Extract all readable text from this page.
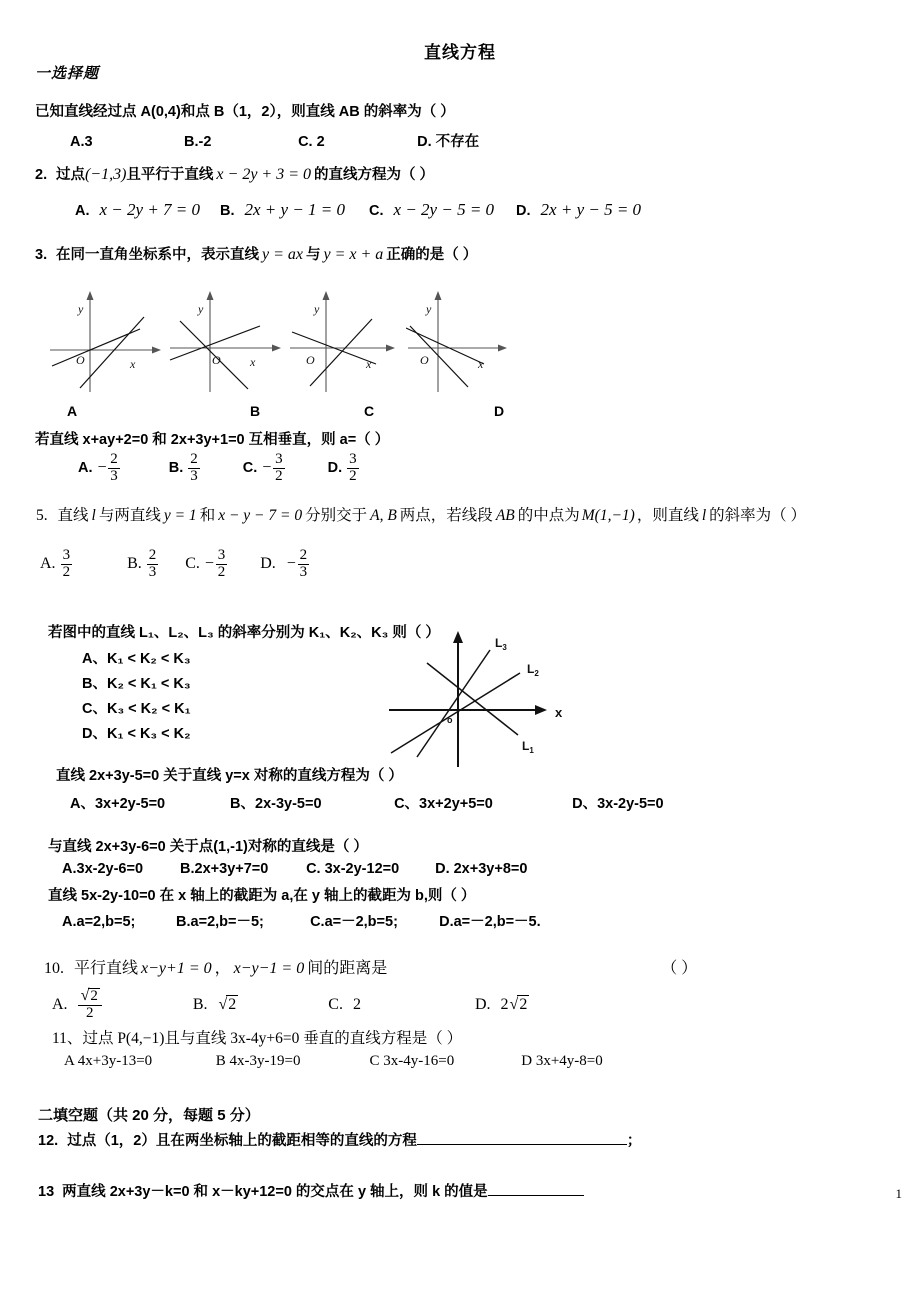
直线方程
一选择题
已知直线经过点 A(0,4)和点 B（1，2），则直线 AB 的斜率为（ ）
A.3	B.-2	C. 2	D. 不存在
2. 过点(−1,3)且平行于直线 x − 2y + 3 = 0 的直线方程为（ ）
A. x − 2y + 7 = 0 B. 2x + y − 1 = 0 C. x − 2y − 5 = 0 D. 2x + y − 5 = 0
3. 在同一直角坐标系中，表示直线 y = ax 与 y = x + a 正确的是（ ）
O
y
x	O
y
x	O
y
x	O
y
x
A	B	C	D
若直线 x+ay+2=0 和 2x+3y+1=0 互相垂直，则 a=（ ）
A. − $\frac{2}{3}$	B. $\frac{2}{3}$	C. − $\frac{3}{2}$	D. $\frac{3}{2}$
5. 直线 l 与两直线 y = 1 和 x − y − 7 = 0 分别交于 A, B 两点，若线段 AB 的中点为 M(1,−1) ，则直线 l 的斜率为（ ）
A. $\frac{3}{2}$	B. $\frac{2}{3} C$. − $\frac{3}{2} D$. − $\frac{2}{3}$
若图中的直线 L₁、L₂、L₃ 的斜率分别为 K₁、K₂、K₃ 则（ ）
A、K₁ < K₂ < K₃
B、K₂ < K₁ < K₃
C、K₃ < K₂ < K₁
D、K₁ < K₃ < K₂
$L_3$
$L_2$
$L_1$
x
o
直线 2x+3y-5=0 关于直线 y=x 对称的直线方程为（ ）
A、3x+2y-5=0	B、2x-3y-5=0	C、3x+2y+5=0	D、3x-2y-5=0
与直线 2x+3y-6=0 关于点(1,-1)对称的直线是（ ）
A.3x-2y-6=0	B.2x+3y+7=0	C. 3x-2y-12=0 D. 2x+3y+8=0
直线 5x-2y-10=0 在 x 轴上的截距为 a,在 y 轴上的截距为 b,则（ ）
A.a=2,b=5;	B.a=2,b=－5;	C.a=－2,b=5;	D.a=－2,b=－5.
10. 平行直线 x−y+1 = 0 ， x−y−1 = 0 间的距离是	（ ）
A. $\frac{√2}{2}$	B. √2	C. 2	D. 2√2
11、过点 P(4,−1)且与直线 3x-4y+6=0 垂直的直线方程是（ ）
A 4x+3y-13=0	B 4x-3y-19=0	C 3x-4y-16=0	D 3x+4y-8=0
二填空题（共 20 分，每题 5 分）
12. 过点（1，2）且在两坐标轴上的截距相等的直线的方程	；
13 两直线 2x+3y－k=0 和 x－ky+12=0 的交点在 y 轴上，则 k 的值是	1
